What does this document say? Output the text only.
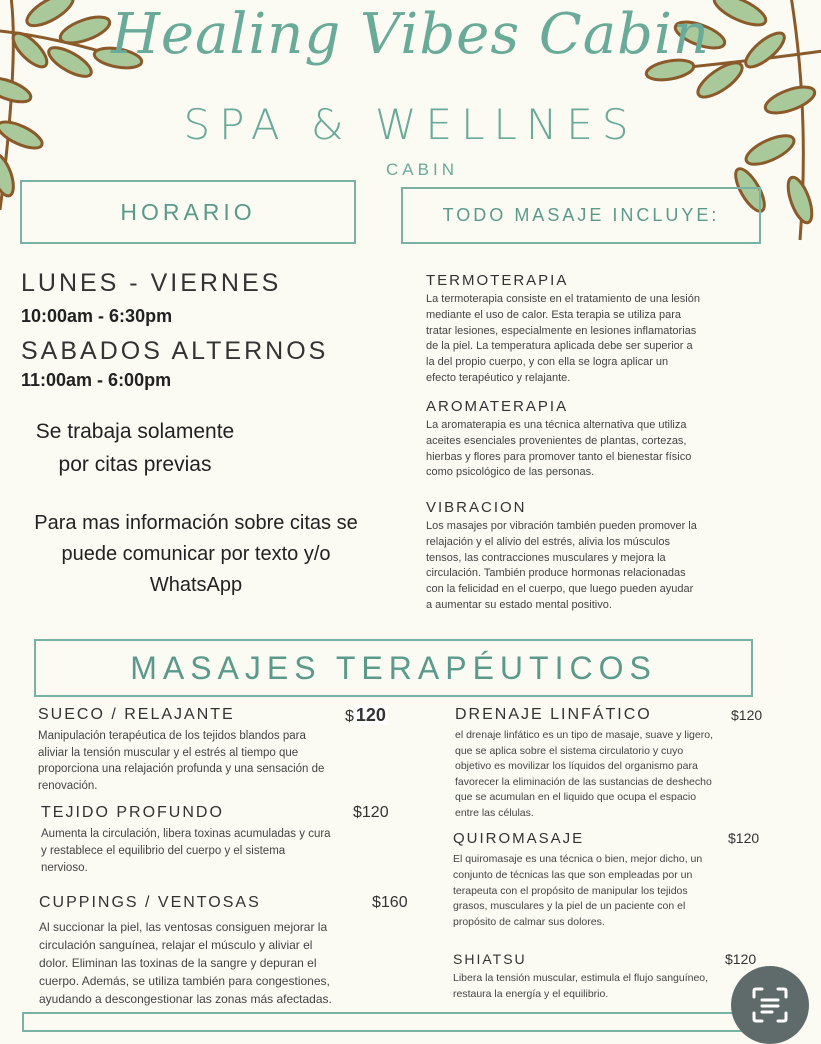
Healing Vibes Cabin
SPA & WELLNES
CABIN
HORARIO	TODO MASAJE INCLUYE:
LUNES - VIERNES
10:00am - 6:30pm
SABADOS ALTERNOS
11:00am - 6:00pm
Se trabaja solamente
por citas previas
Para mas información sobre citas se
puede comunicar por texto y/o
WhatsApp
TERMOTERAPIA
La termoterapia consiste en el tratamiento de una lesión
mediante el uso de calor. Esta terapia se utiliza para
tratar lesiones, especialmente en lesiones inflamatorias
de la piel. La temperatura aplicada debe ser superior a
la del propio cuerpo, y con ella se logra aplicar un
efecto terapéutico y relajante.
AROMATERAPIA
La aromaterapia es una técnica alternativa que utiliza
aceites esenciales provenientes de plantas, cortezas,
hierbas y flores para promover tanto el bienestar físico
como psicológico de las personas.
VIBRACION
Los masajes por vibración también pueden promover la
relajación y el alivio del estrés, alivia los músculos
tensos, las contracciones musculares y mejora la
circulación. También produce hormonas relacionadas
con la felicidad en el cuerpo, que luego pueden ayudar
a aumentar su estado mental positivo.
MASAJES TERAPÉUTICOS
SUECO / RELAJANTE	$ 120
Manipulación terapéutica de los tejidos blandos para
aliviar la tensión muscular y el estrés al tiempo que
proporciona una relajación profunda y una sensación de
renovación.
TEJIDO PROFUNDO	$120
Aumenta la circulación, libera toxinas acumuladas y cura
y restablece el equilibrio del cuerpo y el sistema
nervioso.
CUPPINGS / VENTOSAS	$160
Al succionar la piel, las ventosas consiguen mejorar la
circulación sanguínea, relajar el músculo y aliviar el
dolor. Eliminan las toxinas de la sangre y depuran el
cuerpo. Además, se utiliza también para congestiones,
ayudando a descongestionar las zonas más afectadas.
DRENAJE LINFÁTICO	$120
el drenaje linfático es un tipo de masaje, suave y ligero,
que se aplica sobre el sistema circulatorio y cuyo
objetivo es movilizar los líquidos del organismo para
favorecer la eliminación de las sustancias de deshecho
que se acumulan en el liquido que ocupa el espacio
entre las células.
QUIROMASAJE	$120
El quiromasaje es una técnica o bien, mejor dicho, un
conjunto de técnicas las que son empleadas por un
terapeuta con el propósito de manipular los tejidos
grasos, musculares y la piel de un paciente con el
propósito de calmar sus dolores.
SHIATSU	$120
Libera la tensión muscular, estimula el flujo sanguíneo,
restaura la energía y el equilibrio.
